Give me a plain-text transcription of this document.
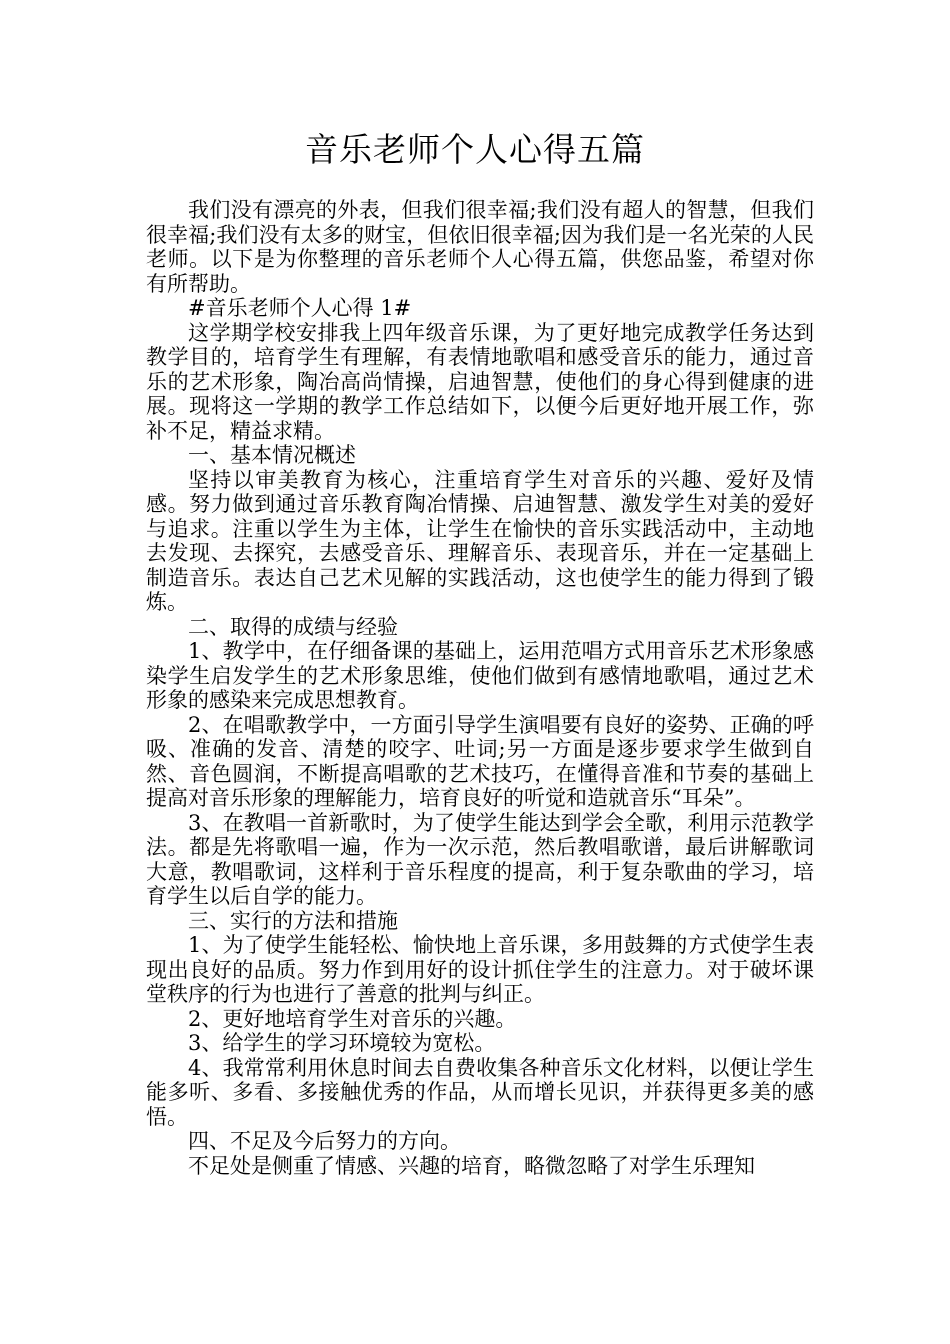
音乐老师个人心得五篇

我们没有漂亮的外表，但我们很幸福;我们没有超人的智慧，但我们很幸福;我们没有太多的财宝，但依旧很幸福;因为我们是一名光荣的人民老师。以下是为你整理的音乐老师个人心得五篇，供您品鉴，希望对你有所帮助。

#音乐老师个人心得 1#

这学期学校安排我上四年级音乐课，为了更好地完成教学任务达到教学目的，培育学生有理解，有表情地歌唱和感受音乐的能力，通过音乐的艺术形象，陶冶高尚情操，启迪智慧，使他们的身心得到健康的进展。现将这一学期的教学工作总结如下，以便今后更好地开展工作，弥补不足，精益求精。

一、基本情况概述

坚持以审美教育为核心，注重培育学生对音乐的兴趣、爱好及情感。努力做到通过音乐教育陶冶情操、启迪智慧、激发学生对美的爱好与追求。注重以学生为主体，让学生在愉快的音乐实践活动中，主动地去发现、去探究，去感受音乐、理解音乐、表现音乐，并在一定基础上制造音乐。表达自己艺术见解的实践活动，这也使学生的能力得到了锻炼。

二、取得的成绩与经验

1、教学中，在仔细备课的基础上，运用范唱方式用音乐艺术形象感染学生启发学生的艺术形象思维，使他们做到有感情地歌唱，通过艺术形象的感染来完成思想教育。

2、在唱歌教学中，一方面引导学生演唱要有良好的姿势、正确的呼吸、准确的发音、清楚的咬字、吐词;另一方面是逐步要求学生做到自然、音色圆润，不断提高唱歌的艺术技巧，在懂得音准和节奏的基础上提高对音乐形象的理解能力，培育良好的听觉和造就音乐“耳朵”。

3、在教唱一首新歌时，为了使学生能达到学会全歌，利用示范教学法。都是先将歌唱一遍，作为一次示范，然后教唱歌谱，最后讲解歌词大意，教唱歌词，这样利于音乐程度的提高，利于复杂歌曲的学习，培育学生以后自学的能力。

三、实行的方法和措施

1、为了使学生能轻松、愉快地上音乐课，多用鼓舞的方式使学生表现出良好的品质。努力作到用好的设计抓住学生的注意力。对于破坏课堂秩序的行为也进行了善意的批判与纠正。

2、更好地培育学生对音乐的兴趣。

3、给学生的学习环境较为宽松。

4、我常常利用休息时间去自费收集各种音乐文化材料，以便让学生能多听、多看、多接触优秀的作品，从而增长见识，并获得更多美的感悟。

四、不足及今后努力的方向。

不足处是侧重了情感、兴趣的培育，略微忽略了对学生乐理知
